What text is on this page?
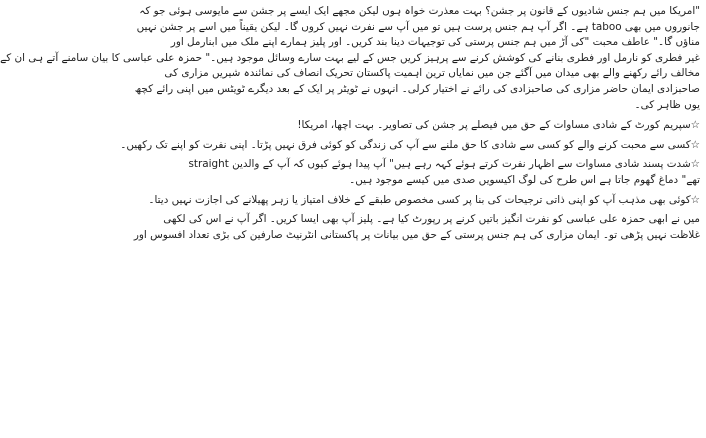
"امریکا میں ہم جنس شادیوں کے قانون پر جشن؟ بہت معذرت خواہ ہوں لیکن مجھے ایک ایسے پر جشن سے مایوسی ہوئی جو کہ
جانوروں میں بھی taboo ہے۔ اگر آپ ہم جنس پرست ہیں تو میں آپ سے نفرت نہیں کروں گا۔ لیکن یقیناً میں اسے پر جشن نہیں
مناؤں گا۔" عاطف محبت "کی آڑ میں ہم جنس پرستی کی توجیہات دینا بند کریں۔ اور پلیز ہمارے اپنے ملک میں ابنارمل اور
غیر فطری کو نارمل اور فطری بنانے کی کوشش کرنے سے پرہیز کریں جس کے لیے بہت سارے وسائل موجود ہیں۔" حمزہ علی عباسی کا بیان سامنے آتے ہی ان کے
مخالف رائے رکھنے والے بھی میدان میں آگئے جن میں نمایاں ترین اہمیت پاکستان تحریک انصاف کی نمائندہ شیریں مزاری کی
صاحبزادی ایمان حاضر مزاری کی صاحبزادی کی رائے نے اختیار کرلی۔ انہوں نے ٹویٹر پر ایک کے بعد دیگرے ٹویٹس میں اپنی رائے کچھ
یوں ظاہر کی۔
☆سپریم کورٹ کے شادی مساوات کے حق میں فیصلے پر جشن کی تصاویر۔ بہت اچھا، امریکا!
☆کسی سے محبت کرنے والے کو کسی سے شادی کا حق ملنے سے آپ کی زندگی کو کوئی فرق نہیں پڑتا۔ اپنی نفرت کو اپنے تک رکھیں۔
☆شدت پسند شادی مساوات سے اظہار نفرت کرتے ہوئے کہہ رہے ہیں" آپ پیدا ہوئے کیوں کہ آپ کے والدین straight
تھے" دماغ گھوم جاتا ہے اس طرح کی لوگ اکیسویں صدی میں کیسے موجود ہیں۔
☆کوئی بھی مذہب آپ کو اپنی ذاتی ترجیحات کی بنا پر کسی مخصوص طبقے کے خلاف امتیاز یا زہر پھیلانے کی اجازت نہیں دیتا۔
میں نے ابھی حمزہ علی عباسی کو نفرت انگیز باتیں کرنے پر رپورٹ کیا ہے۔ پلیز آپ بھی ایسا کریں۔ اگر آپ نے اس کی لکھی
غلاظت نہیں پڑھی تو۔ ایمان مزاری کی ہم جنس پرستی کے حق میں بیانات پر پاکستانی انٹرنیٹ صارفین کی بڑی تعداد افسوس اور
